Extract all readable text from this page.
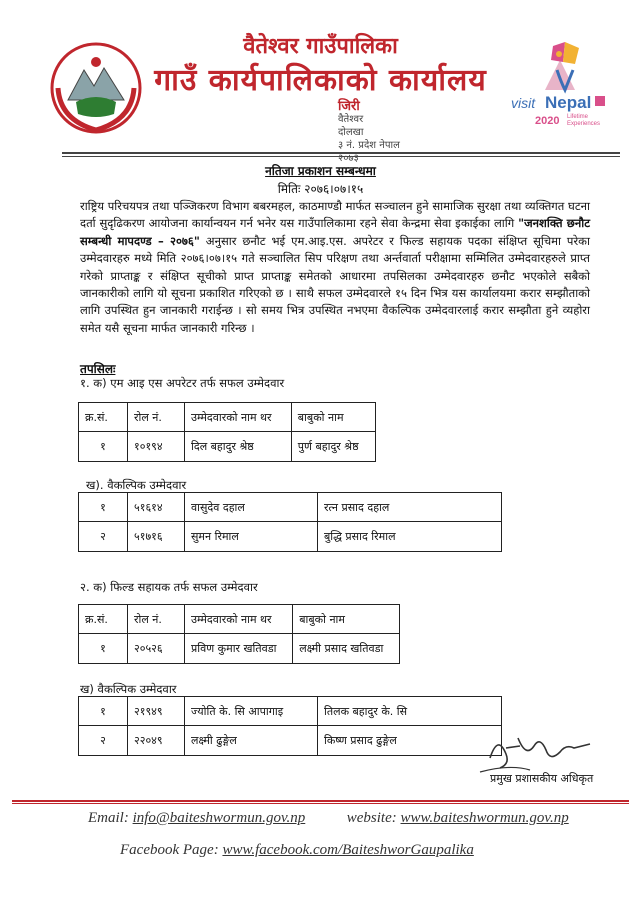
visit Nepal
2020 Lifetime
Experiences
वैतेश्वर गाउँपालिका
गाउँ कार्यपालिकाको कार्यालय
जिरी
वैतेश्वर
दोलखा
३ नं. प्रदेश नेपाल
२०७३
नतिजा प्रकाशन सम्बन्धमा
मितिः २०७६।०७।१५
राष्ट्रिय परिचयपत्र तथा पञ्जिकरण विभाग बबरमहल, काठमाण्डौ मार्फत सञ्चालन हुने सामाजिक सुरक्षा तथा व्यक्तिगत घटना दर्ता सुदृढिकरण आयोजना कार्यान्वयन गर्न भनेर यस गाउँपालिकामा रहने सेवा केन्द्रमा सेवा इकाईका लागि "जनशक्ति छनौट सम्बन्धी मापदण्ड – २०७६" अनुसार छनौट भई एम.आइ.एस. अपरेटर र फिल्ड सहायक पदका संक्षिप्त सूचिमा परेका उम्मेदवारहरु मध्ये मिति २०७६।०७।१५ गते सञ्चालित सिप परिक्षण तथा अर्न्तवार्ता परीक्षामा सम्मिलित उम्मेदवारहरुले प्राप्त गरेको प्राप्ताङ्क र संक्षिप्त सूचीको प्राप्त प्राप्ताङ्क समेतको आधारमा तपसिलका उम्मेदवारहरु छनौट भएकोले सबैको जानकारीको लागि यो सूचना प्रकाशित गरिएको छ । साथै सफल उम्मेदवारले १५ दिन भित्र यस कार्यालयमा करार सम्झौताको लागि उपस्थित हुन जानकारी गराईन्छ । सो समय भित्र उपस्थित नभएमा वैकल्पिक उम्मेदवारलाई करार सम्झौता हुने व्यहोरा समेत यसै सूचना मार्फत जानकारी गरिन्छ ।
तपसिलः
१. क) एम आइ एस अपरेटर तर्फ सफल उम्मेदवार
क्र.सं.	रोल नं.	उम्मेदवारको नाम थर	बाबुको नाम
१	१०१९४	दिल बहादुर श्रेष्ठ	पुर्ण बहादुर श्रेष्ठ
ख). वैकल्पिक उम्मेदवार
१	५१६१४	वासुदेव दहाल	रत्न प्रसाद दहाल
२	५१७१६	सुमन रिमाल	बुद्धि प्रसाद रिमाल
२. क) फिल्ड सहायक तर्फ सफल उम्मेदवार
क्र.सं.	रोल नं.	उम्मेदवारको नाम थर	बाबुको नाम
१	२०५२६	प्रविण कुमार खतिवडा	लक्ष्मी प्रसाद खतिवडा
ख) वैकल्पिक उम्मेदवार
१	२१९४९	ज्योति के. सि आपागाइ	तिलक बहादुर के. सि
२	२२०४९	लक्ष्मी ढुङ्गेल	किष्ण प्रसाद ढुङ्गेल
प्रमुख प्रशासकीय अधिकृत
Email: info@baiteshwormun.gov.np	website: www.baiteshwormun.gov.np
Facebook Page: www.facebook.com/BaiteshworGaupalika
